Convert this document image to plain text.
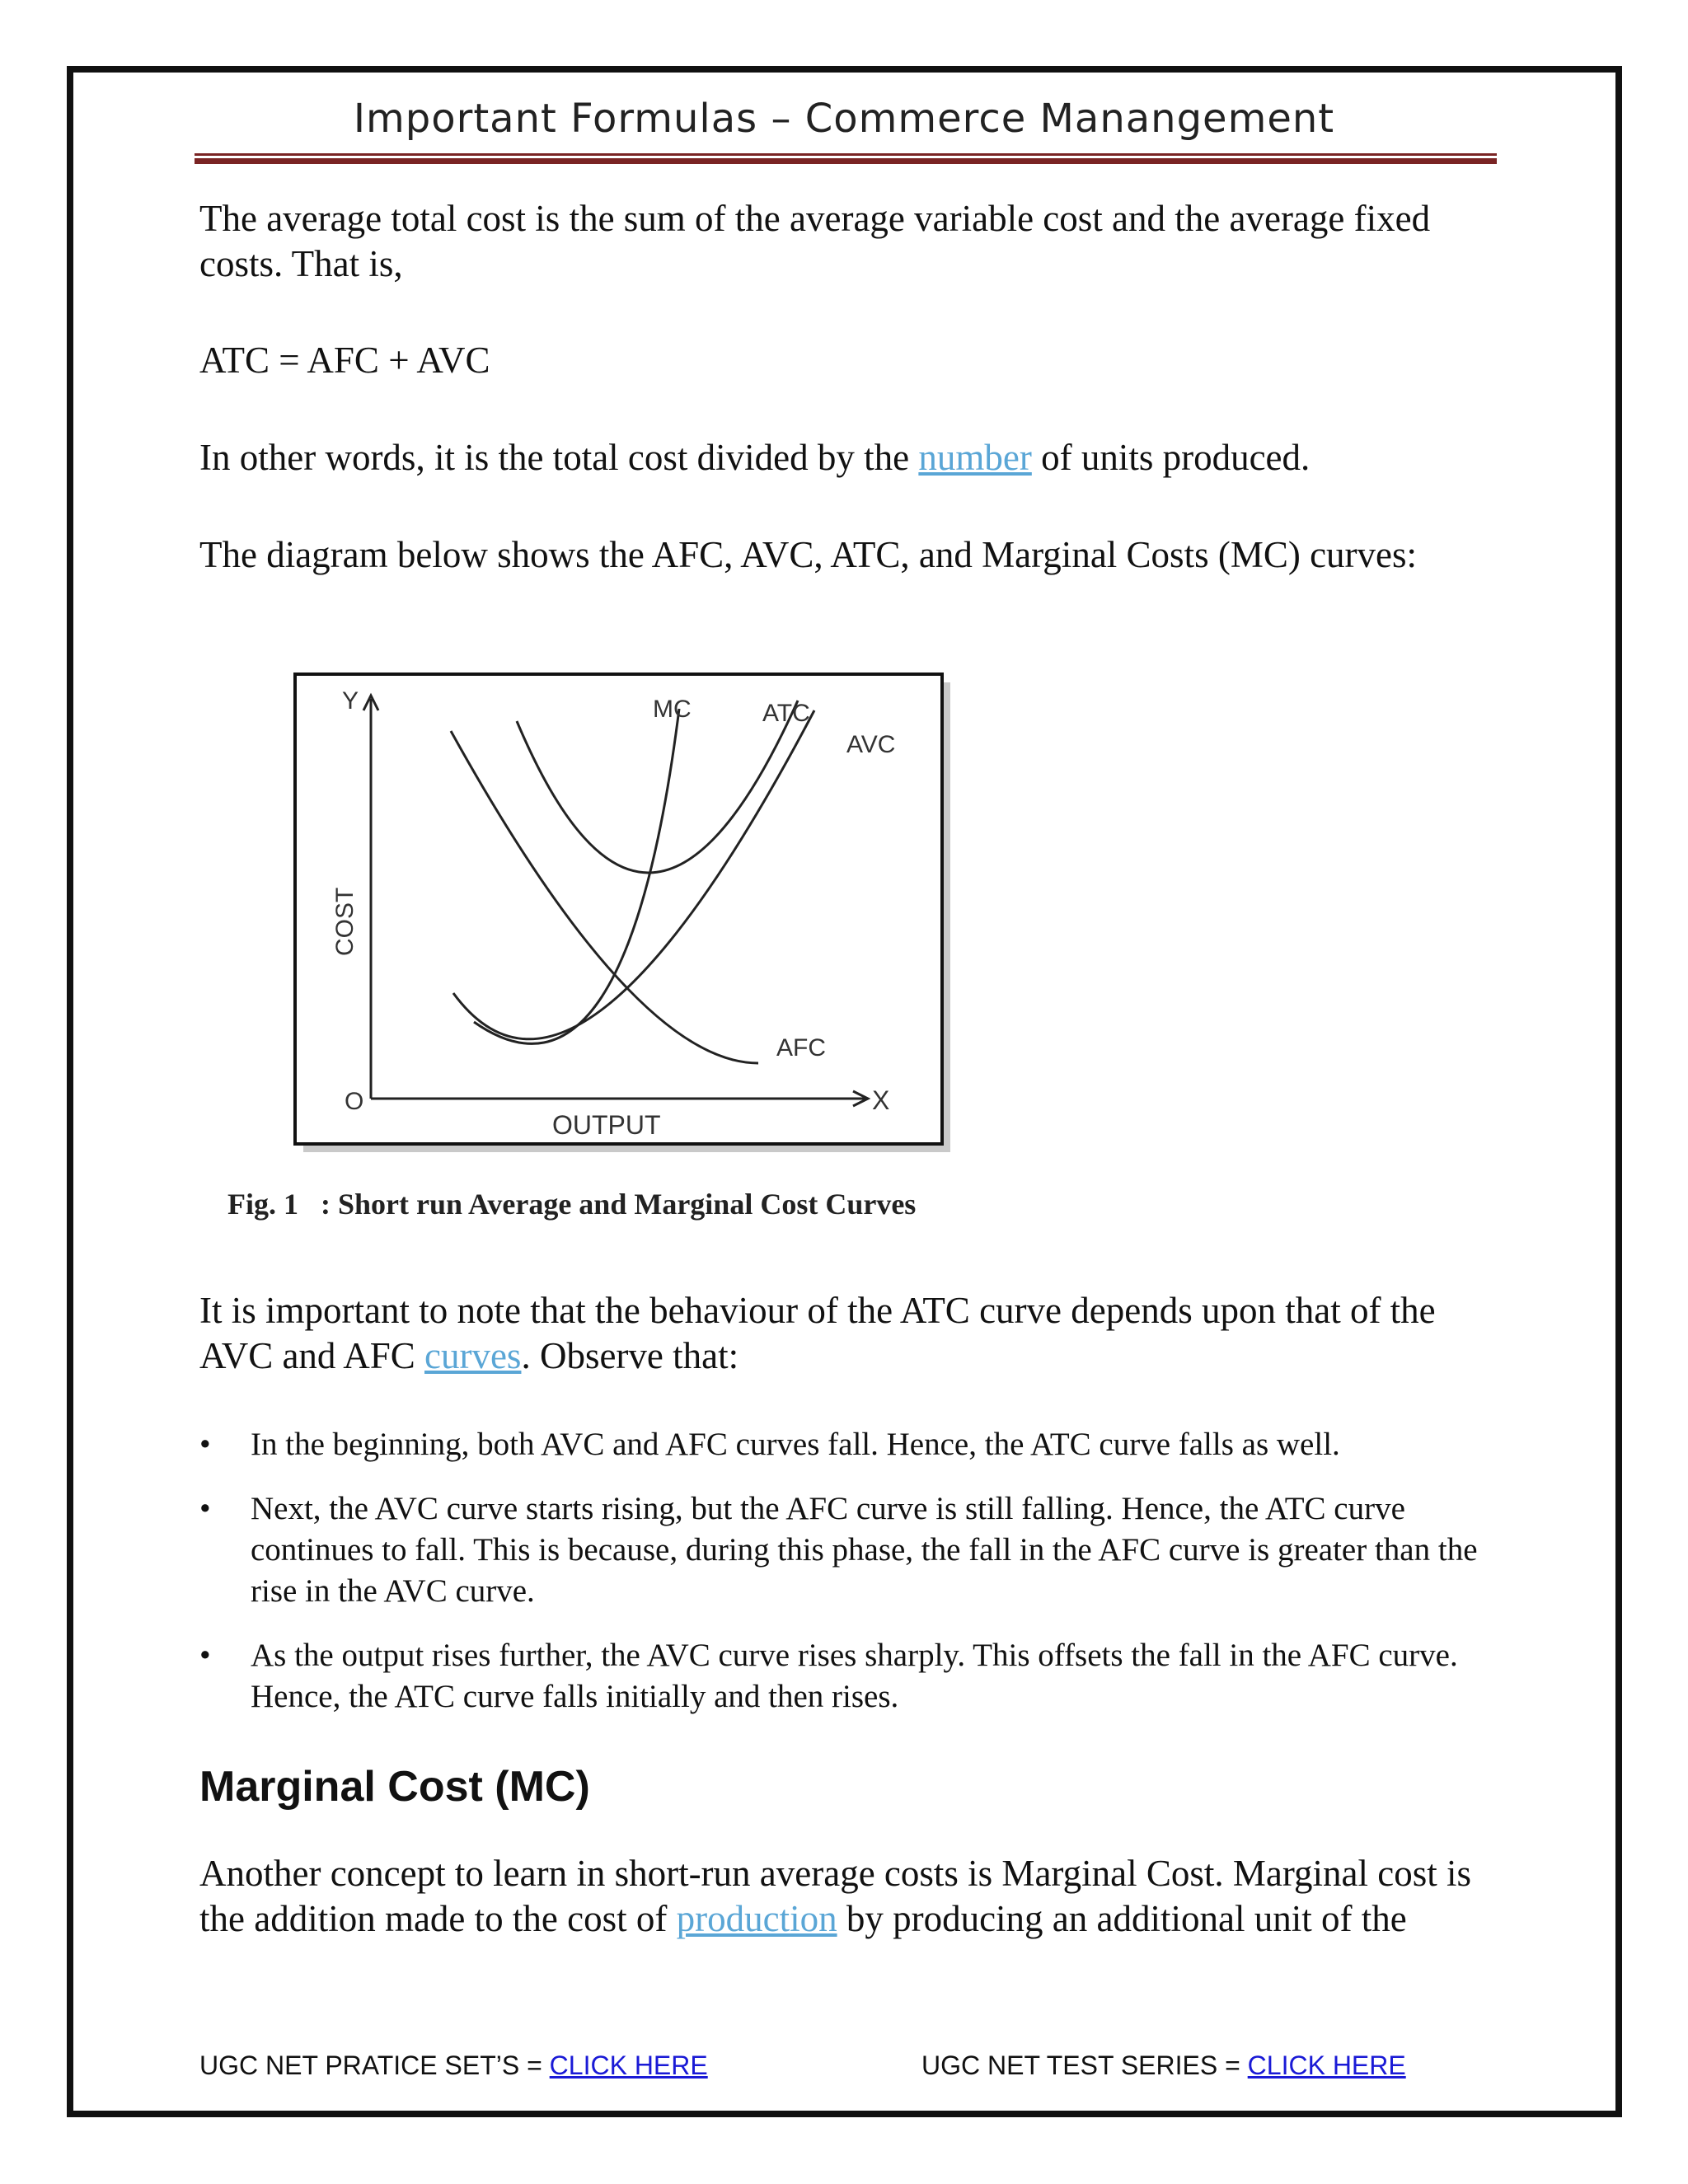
Important Formulas – Commerce Manangement

The average total cost is the sum of the average variable cost and the average fixed costs. That is,

ATC = AFC + AVC

In other words, it is the total cost divided by the number of units produced.

The diagram below shows the AFC, AVC, ATC, and Marginal Costs (MC) curves:

Y
X
O
COST
OUTPUT
MC	ATC
AVC
AFC
Fig. 1 : Short run Average and Marginal Cost Curves

It is important to note that the behaviour of the ATC curve depends upon that of the AVC and AFC curves. Observe that:

• In the beginning, both AVC and AFC curves fall. Hence, the ATC curve falls as well.
• Next, the AVC curve starts rising, but the AFC curve is still falling. Hence, the ATC curve continues to fall. This is because, during this phase, the fall in the AFC curve is greater than the rise in the AVC curve.
• As the output rises further, the AVC curve rises sharply. This offsets the fall in the AFC curve. Hence, the ATC curve falls initially and then rises.
Marginal Cost (MC)

Another concept to learn in short-run average costs is Marginal Cost. Marginal cost is the addition made to the cost of production by producing an additional unit of the

UGC NET PRATICE SET’S = CLICK HERE	UGC NET TEST SERIES = CLICK HERE
